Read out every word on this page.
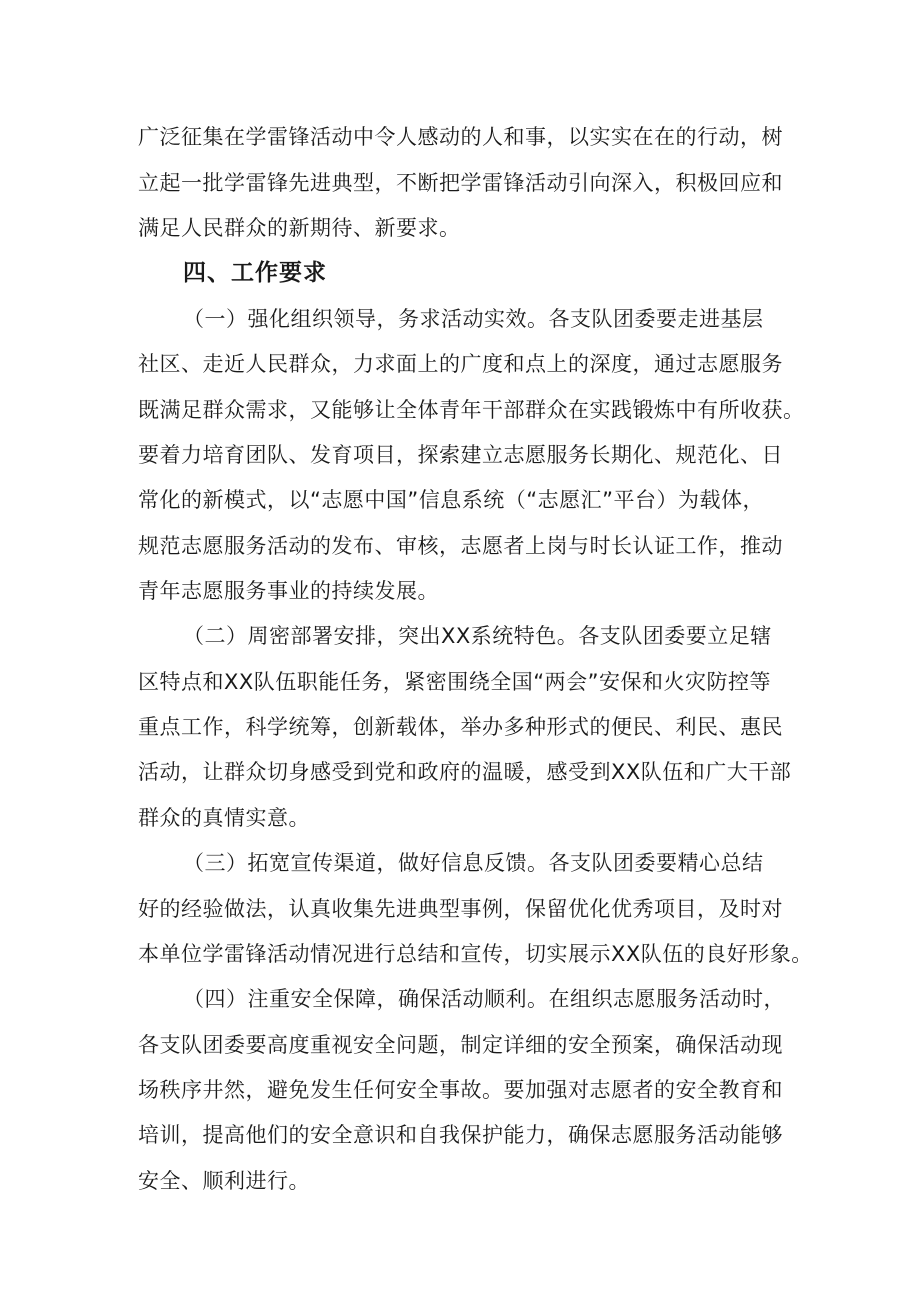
广泛征集在学雷锋活动中令人感动的人和事，以实实在在的行动，树
立起一批学雷锋先进典型，不断把学雷锋活动引向深入，积极回应和
满足人民群众的新期待、新要求。
四、工作要求
（一）强化组织领导，务求活动实效。各支队团委要走进基层
社区、走近人民群众，力求面上的广度和点上的深度，通过志愿服务
既满足群众需求，又能够让全体青年干部群众在实践锻炼中有所收获。
要着力培育团队、发育项目，探索建立志愿服务长期化、规范化、日
常化的新模式，以“志愿中国”信息系统（“志愿汇”平台）为载体，
规范志愿服务活动的发布、审核，志愿者上岗与时长认证工作，推动
青年志愿服务事业的持续发展。
（二）周密部署安排，突出XX系统特色。各支队团委要立足辖
区特点和XX队伍职能任务，紧密围绕全国“两会”安保和火灾防控等
重点工作，科学统筹，创新载体，举办多种形式的便民、利民、惠民
活动，让群众切身感受到党和政府的温暖，感受到XX队伍和广大干部
群众的真情实意。
（三）拓宽宣传渠道，做好信息反馈。各支队团委要精心总结
好的经验做法，认真收集先进典型事例，保留优化优秀项目，及时对
本单位学雷锋活动情况进行总结和宣传，切实展示XX队伍的良好形象。
（四）注重安全保障，确保活动顺利。在组织志愿服务活动时，
各支队团委要高度重视安全问题，制定详细的安全预案，确保活动现
场秩序井然，避免发生任何安全事故。要加强对志愿者的安全教育和
培训，提高他们的安全意识和自我保护能力，确保志愿服务活动能够
安全、顺利进行。
